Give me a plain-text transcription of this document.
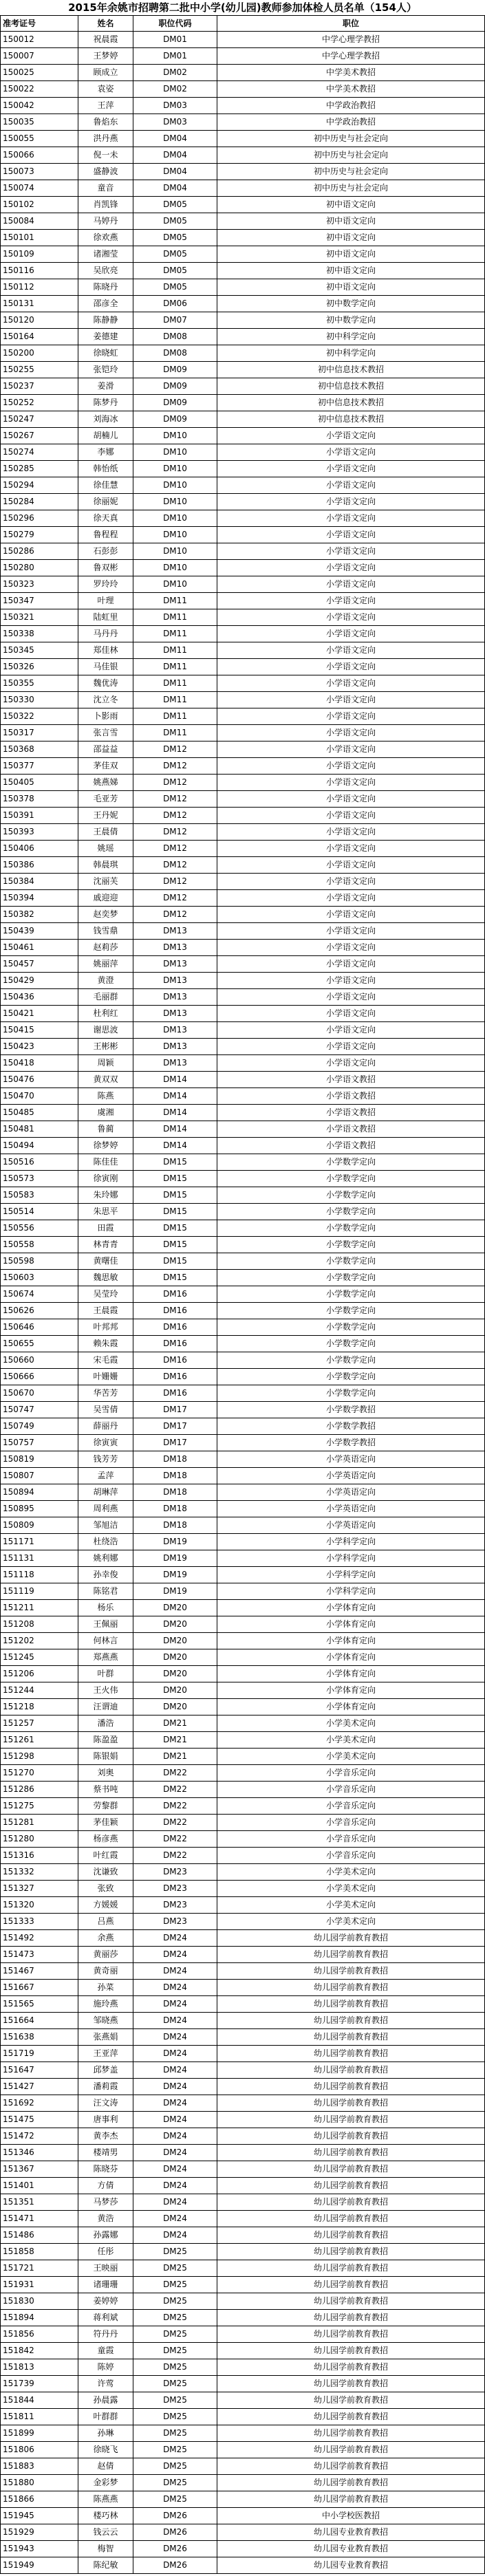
2015年余姚市招聘第二批中小学(幼儿园)教师参加体检人员名单（154人）
准考证号	姓名	职位代码	职位
150012	祝晨霞	DM01	中学心理学教招
150007	王梦婷	DM01	中学心理学教招
150025	顾成立	DM02	中学美术教招
150022	袁姿	DM02	中学美术教招
150042	王萍	DM03	中学政治教招
150035	鲁焰东	DM03	中学政治教招
150055	洪丹燕	DM04	初中历史与社会定向
150066	倪一未	DM04	初中历史与社会定向
150073	盛静波	DM04	初中历史与社会定向
150074	童音	DM04	初中历史与社会定向
150102	肖凯锋	DM05	初中语文定向
150084	马婷丹	DM05	初中语文定向
150101	徐欢燕	DM05	初中语文定向
150109	诸湘莹	DM05	初中语文定向
150116	吴欣亮	DM05	初中语文定向
150112	陈晓丹	DM05	初中语文定向
150131	邵彦全	DM06	初中数学定向
150120	陈静静	DM07	初中数学定向
150164	姜德建	DM08	初中科学定向
150200	徐晓虹	DM08	初中科学定向
150255	张铠玲	DM09	初中信息技术教招
150237	姜滑	DM09	初中信息技术教招
150252	陈梦丹	DM09	初中信息技术教招
150247	刘海冰	DM09	初中信息技术教招
150267	胡楠儿	DM10	小学语文定向
150274	李娜	DM10	小学语文定向
150285	韩怡纸	DM10	小学语文定向
150294	徐佳慧	DM10	小学语文定向
150284	徐丽妮	DM10	小学语文定向
150296	徐天真	DM10	小学语文定向
150279	鲁程程	DM10	小学语文定向
150286	石彭彭	DM10	小学语文定向
150280	鲁双彬	DM10	小学语文定向
150323	罗玲玲	DM10	小学语文定向
150347	叶理	DM11	小学语文定向
150321	陆虹里	DM11	小学语文定向
150338	马丹丹	DM11	小学语文定向
150345	郑佳林	DM11	小学语文定向
150326	马佳银	DM11	小学语文定向
150355	魏优涛	DM11	小学语文定向
150330	沈立冬	DM11	小学语文定向
150322	卜影雨	DM11	小学语文定向
150317	张言雪	DM11	小学语文定向
150368	邵益益	DM12	小学语文定向
150377	茅佳双	DM12	小学语文定向
150405	姚燕娣	DM12	小学语文定向
150378	毛亚芳	DM12	小学语文定向
150391	王丹妮	DM12	小学语文定向
150393	王晨倩	DM12	小学语文定向
150406	姚瑶	DM12	小学语文定向
150386	韩晨琪	DM12	小学语文定向
150384	沈丽芙	DM12	小学语文定向
150394	戚迎迎	DM12	小学语文定向
150382	赵奕梦	DM12	小学语文定向
150439	钱雪鼎	DM13	小学语文定向
150461	赵莉莎	DM13	小学语文定向
150457	姚丽萍	DM13	小学语文定向
150429	黄澄	DM13	小学语文定向
150436	毛丽群	DM13	小学语文定向
150421	杜利红	DM13	小学语文定向
150415	谢思波	DM13	小学语文定向
150423	王彬彬	DM13	小学语文定向
150418	周颖	DM13	小学语文定向
150476	黄双双	DM14	小学语文教招
150470	陈燕	DM14	小学语文教招
150485	虞湘	DM14	小学语文教招
150481	鲁蔺	DM14	小学语文教招
150494	徐梦婷	DM14	小学语文教招
150516	陈佳佳	DM15	小学数学定向
150573	徐寅刚	DM15	小学数学定向
150583	朱玲娜	DM15	小学数学定向
150514	朱思平	DM15	小学数学定向
150556	田霞	DM15	小学数学定向
150558	林青青	DM15	小学数学定向
150598	黄曙佳	DM15	小学数学定向
150603	魏思敏	DM15	小学数学定向
150674	吴莹玲	DM16	小学数学定向
150626	王晨霞	DM16	小学数学定向
150646	叶邦邦	DM16	小学数学定向
150655	赖朱霞	DM16	小学数学定向
150660	宋毛霞	DM16	小学数学定向
150666	叶姗姗	DM16	小学数学定向
150670	华苦芳	DM16	小学数学定向
150747	吴雪倩	DM17	小学数学教招
150749	薛丽丹	DM17	小学数学教招
150757	徐寅寅	DM17	小学数学教招
150819	钱芳芳	DM18	小学英语定向
150807	孟萍	DM18	小学英语定向
150894	胡琳萍	DM18	小学英语定向
150895	周利燕	DM18	小学英语定向
150809	邹旭洁	DM18	小学英语定向
151171	杜绕浩	DM19	小学科学定向
151131	姚利娜	DM19	小学科学定向
151118	孙幸俊	DM19	小学科学定向
151119	陈铭君	DM19	小学科学定向
151211	杨乐	DM20	小学体育定向
151208	王佩丽	DM20	小学体育定向
151202	何林言	DM20	小学体育定向
151245	郑燕燕	DM20	小学体育定向
151206	叶群	DM20	小学体育定向
151244	王火伟	DM20	小学体育定向
151218	汪谓迪	DM20	小学体育定向
151257	潘浩	DM21	小学美术定向
151261	陈盈盈	DM21	小学美术定向
151298	陈银娟	DM21	小学美术定向
151270	刘奥	DM22	小学音乐定向
151286	蔡书吨	DM22	小学音乐定向
151275	劳黎群	DM22	小学音乐定向
151281	茅佳颖	DM22	小学音乐定向
151280	杨彦燕	DM22	小学音乐定向
151316	叶红霞	DM22	小学音乐定向
151332	沈谦致	DM23	小学美术定向
151327	张致	DM23	小学美术定向
151320	方媛媛	DM23	小学美术定向
151333	吕燕	DM23	小学美术定向
151492	余燕	DM24	幼儿园学前教育教招
151473	黄丽莎	DM24	幼儿园学前教育教招
151467	黄奇丽	DM24	幼儿园学前教育教招
151667	孙菜	DM24	幼儿园学前教育教招
151565	施玲燕	DM24	幼儿园学前教育教招
151664	邹晓燕	DM24	幼儿园学前教育教招
151638	张燕娟	DM24	幼儿园学前教育教招
151719	王亚萍	DM24	幼儿园学前教育教招
151647	邱梦盖	DM24	幼儿园学前教育教招
151427	潘莉霞	DM24	幼儿园学前教育教招
151692	汪文涛	DM24	幼儿园学前教育教招
151475	唐事利	DM24	幼儿园学前教育教招
151472	黄李杰	DM24	幼儿园学前教育教招
151346	楼靖男	DM24	幼儿园学前教育教招
151367	陈晓芬	DM24	幼儿园学前教育教招
151401	方倩	DM24	幼儿园学前教育教招
151351	马梦莎	DM24	幼儿园学前教育教招
151471	黄浩	DM24	幼儿园学前教育教招
151486	孙露娜	DM24	幼儿园学前教育教招
151858	任彤	DM25	幼儿园学前教育教招
151721	王映丽	DM25	幼儿园学前教育教招
151931	诸珊珊	DM25	幼儿园学前教育教招
151830	姜婷婷	DM25	幼儿园学前教育教招
151894	蒋利斌	DM25	幼儿园学前教育教招
151856	符丹丹	DM25	幼儿园学前教育教招
151842	童霞	DM25	幼儿园学前教育教招
151813	陈婷	DM25	幼儿园学前教育教招
151739	许莺	DM25	幼儿园学前教育教招
151844	孙晨露	DM25	幼儿园学前教育教招
151811	叶群群	DM25	幼儿园学前教育教招
151899	孙琳	DM25	幼儿园学前教育教招
151806	徐晓飞	DM25	幼儿园学前教育教招
151883	赵倩	DM25	幼儿园学前教育教招
151880	金彩梦	DM25	幼儿园学前教育教招
151866	陈燕燕	DM25	幼儿园学前教育教招
151945	楼巧林	DM26	中小学校医教招
151929	钱云云	DM26	幼儿园专业教育教招
151943	梅智	DM26	幼儿园专业教育教招
151949	陈纪敏	DM26	幼儿园专业教育教招
